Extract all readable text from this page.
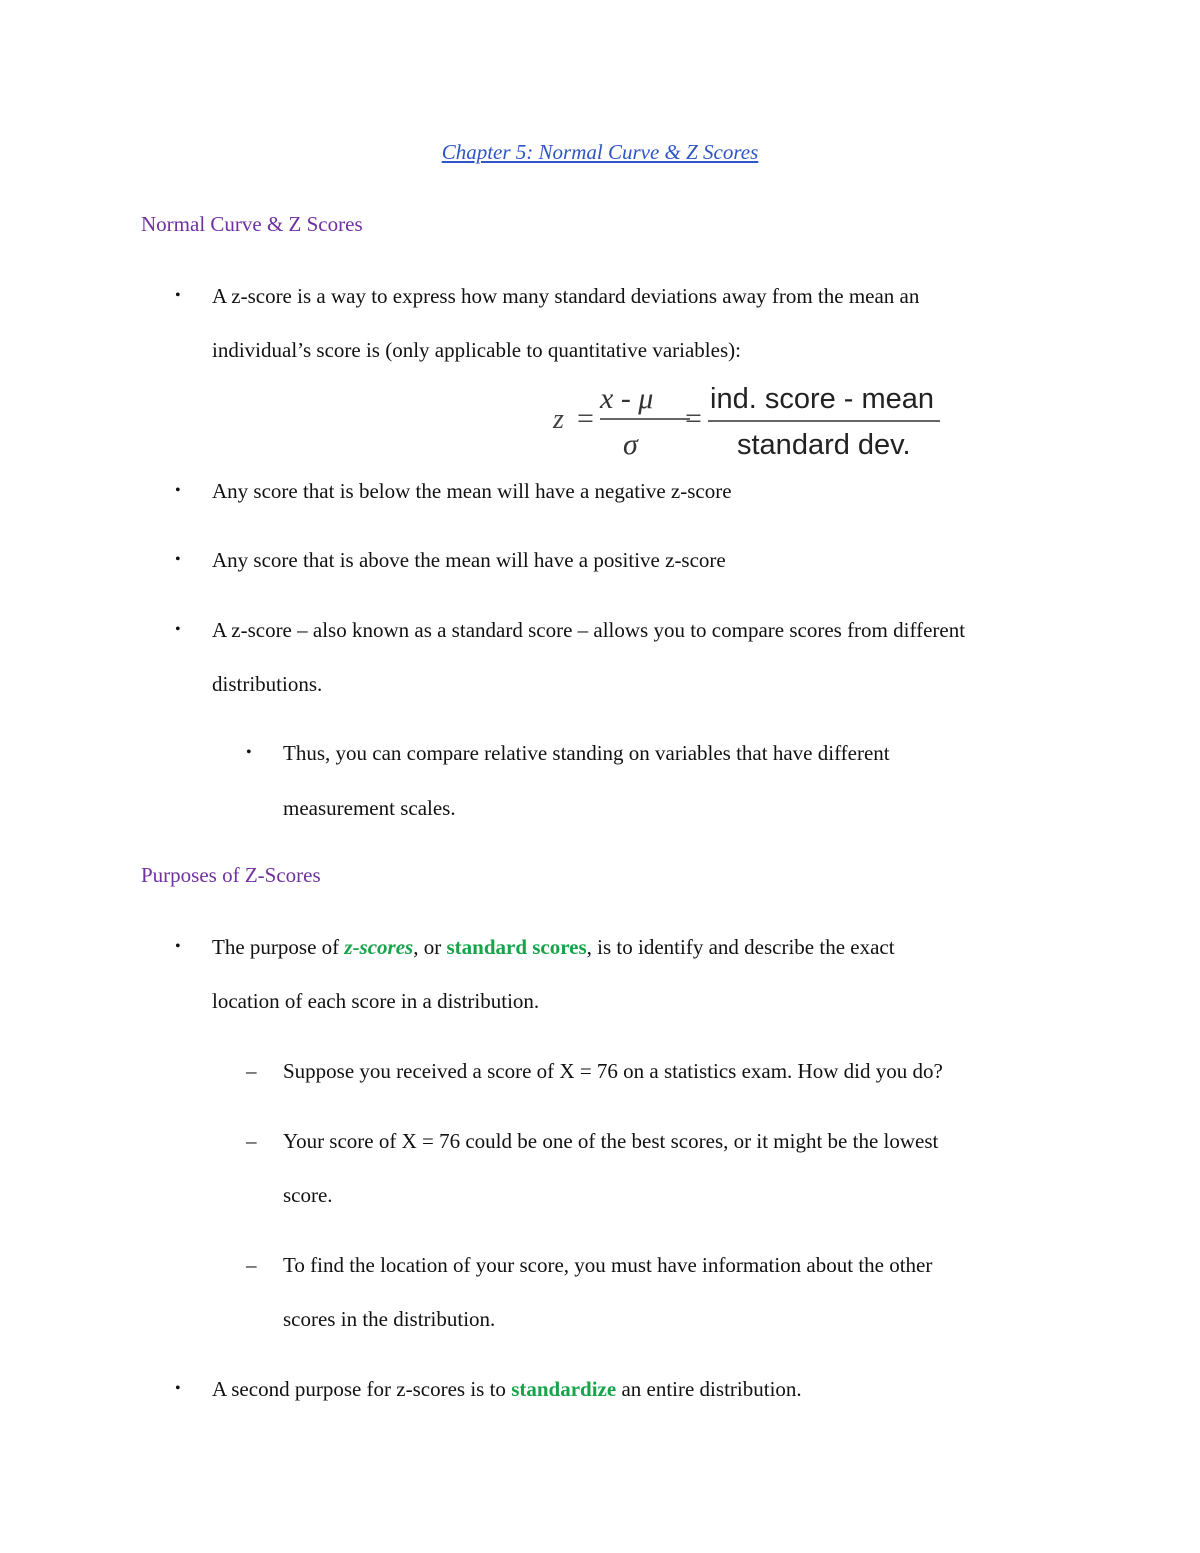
Chapter 5: Normal Curve & Z Scores
Normal Curve & Z Scores
• A z-score is a way to express how many standard deviations away from the mean an
individual’s score is (only applicable to quantitative variables):
z =
x - μ
σ
=
ind. score - mean
standard dev.
• Any score that is below the mean will have a negative z-score
• Any score that is above the mean will have a positive z-score
• A z-score – also known as a standard score – allows you to compare scores from different
distributions.
• Thus, you can compare relative standing on variables that have different
measurement scales.
Purposes of Z-Scores
• The purpose of z-scores, or standard scores, is to identify and describe the exact
location of each score in a distribution.
– Suppose you received a score of X = 76 on a statistics exam. How did you do?
– Your score of X = 76 could be one of the best scores, or it might be the lowest
score.
– To find the location of your score, you must have information about the other
scores in the distribution.
• A second purpose for z-scores is to standardize an entire distribution.
